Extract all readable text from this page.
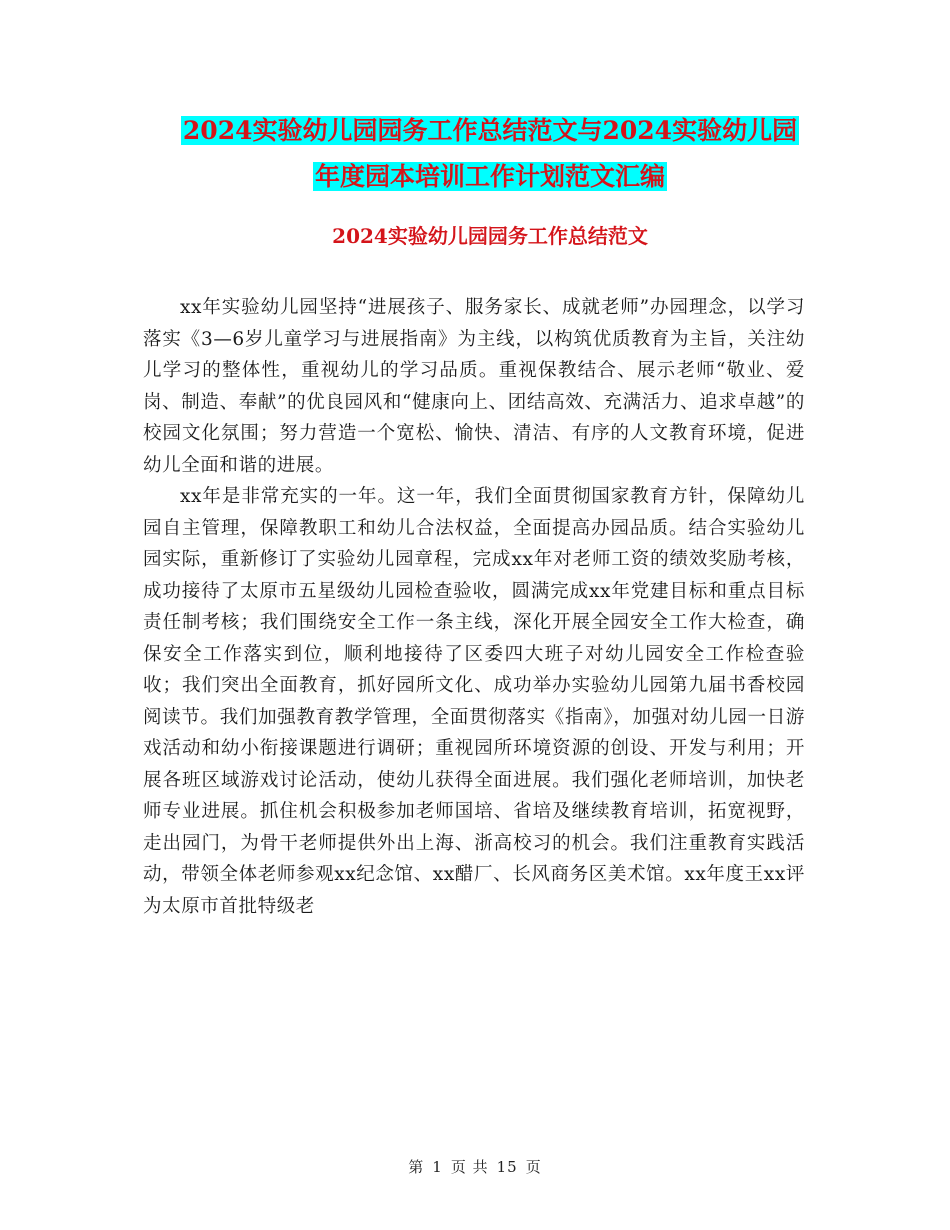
2024实验幼儿园园务工作总结范文与2024实验幼儿园
年度园本培训工作计划范文汇编
2024实验幼儿园园务工作总结范文

xx年实验幼儿园坚持“进展孩子、服务家长、成就老师”办园理念，以学习落实《3—6岁儿童学习与进展指南》为主线，以构筑优质教育为主旨，关注幼儿学习的整体性，重视幼儿的学习品质。重视保教结合、展示老师“敬业、爱岗、制造、奉献”的优良园风和“健康向上、团结高效、充满活力、追求卓越”的校园文化氛围；努力营造一个宽松、愉快、清洁、有序的人文教育环境，促进幼儿全面和谐的进展。

xx年是非常充实的一年。这一年，我们全面贯彻国家教育方针，保障幼儿园自主管理，保障教职工和幼儿合法权益，全面提高办园品质。结合实验幼儿园实际，重新修订了实验幼儿园章程，完成xx年对老师工资的绩效奖励考核，成功接待了太原市五星级幼儿园检查验收，圆满完成xx年党建目标和重点目标责任制考核；我们围绕安全工作一条主线，深化开展全园安全工作大检查，确保安全工作落实到位，顺利地接待了区委四大班子对幼儿园安全工作检查验收；我们突出全面教育，抓好园所文化、成功举办实验幼儿园第九届书香校园阅读节。我们加强教育教学管理，全面贯彻落实《指南》，加强对幼儿园一日游戏活动和幼小衔接课题进行调研；重视园所环境资源的创设、开发与利用；开展各班区域游戏讨论活动，使幼儿获得全面进展。我们强化老师培训，加快老师专业进展。抓住机会积极参加老师国培、省培及继续教育培训，拓宽视野，走出园门，为骨干老师提供外出上海、浙高校习的机会。我们注重教育实践活动，带领全体老师参观xx纪念馆、xx醋厂、长风商务区美术馆。xx年度王xx评为太原市首批特级老

第 1 页 共 15 页
